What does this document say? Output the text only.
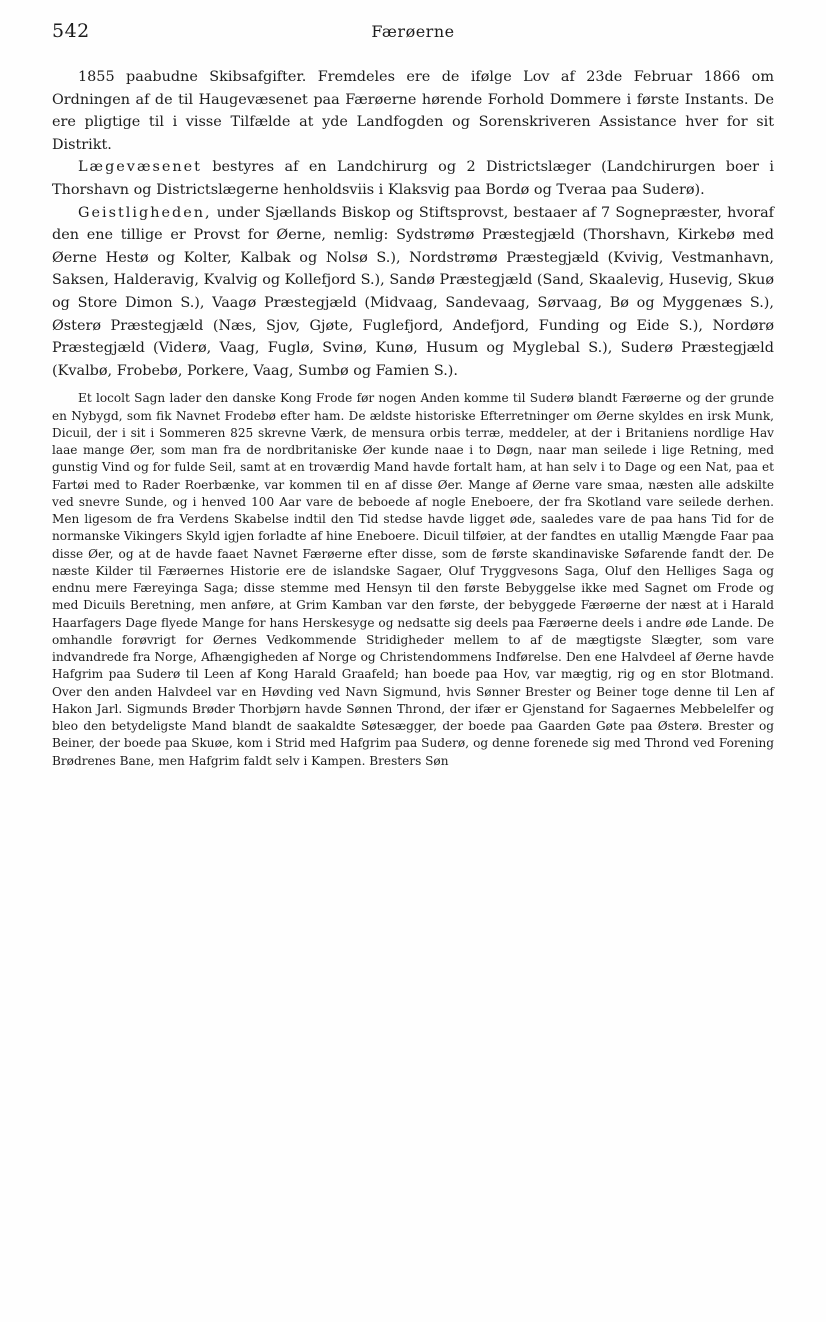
542	Færøerne

1855 paabudne Skibsafgifter. Fremdeles ere de ifølge Lov af 23de Februar 1866 om Ordningen af de til Haugevæsenet paa Færøerne hørende Forhold Dommere i første Instants. De ere pligtige til i visse Tilfælde at yde Landfogden og Sorenskriveren Assistance hver for sit Distrikt.

Lægevæsenet bestyres af en Landchirurg og 2 Districtslæger (Landchirurgen boer i Thorshavn og Districtslægerne henholdsviis i Klaksvig paa Bordø og Tveraa paa Suderø).

Geistligheden, under Sjællands Biskop og Stiftsprovst, bestaaer af 7 Sognepræster, hvoraf den ene tillige er Provst for Øerne, nemlig: Sydstrømø Præstegjæld (Thorshavn, Kirkebø med Øerne Hestø og Kolter, Kalbak og Nolsø S.), Nordstrømø Præstegjæld (Kvivig, Vestmanhavn, Saksen, Halderavig, Kvalvig og Kollefjord S.), Sandø Præstegjæld (Sand, Skaalevig, Husevig, Skuø og Store Dimon S.), Vaagø Præstegjæld (Midvaag, Sandevaag, Sørvaag, Bø og Myggenæs S.), Østerø Præstegjæld (Næs, Sjov, Gjøte, Fuglefjord, Andefjord, Funding og Eide S.), Nordørø Præstegjæld (Viderø, Vaag, Fuglø, Svinø, Kunø, Husum og Myglebal S.), Suderø Præstegjæld (Kvalbø, Frobebø, Porkere, Vaag, Sumbø og Famien S.).

Et locolt Sagn lader den danske Kong Frode før nogen Anden komme til Suderø blandt Færøerne og der grunde en Nybygd, som fik Navnet Frodebø efter ham. De ældste historiske Efterretninger om Øerne skyldes en irsk Munk, Dicuil, der i sit i Sommeren 825 skrevne Værk, de mensura orbis terræ, meddeler, at der i Britaniens nordlige Hav laae mange Øer, som man fra de nordbritaniske Øer kunde naae i to Døgn, naar man seilede i lige Retning, med gunstig Vind og for fulde Seil, samt at en troværdig Mand havde fortalt ham, at han selv i to Dage og een Nat, paa et Fartøi med to Rader Roerbænke, var kommen til en af disse Øer. Mange af Øerne vare smaa, næsten alle adskilte ved snevre Sunde, og i henved 100 Aar vare de beboede af nogle Eneboere, der fra Skotland vare seilede derhen. Men ligesom de fra Verdens Skabelse indtil den Tid stedse havde ligget øde, saaledes vare de paa hans Tid for de normanske Vikingers Skyld igjen forladte af hine Eneboere. Dicuil tilføier, at der fandtes en utallig Mængde Faar paa disse Øer, og at de havde faaet Navnet Færøerne efter disse, som de første skandinaviske Søfarende fandt der. De næste Kilder til Færøernes Historie ere de islandske Sagaer, Oluf Tryggvesons Saga, Oluf den Helliges Saga og endnu mere Færeyinga Saga; disse stemme med Hensyn til den første Bebyggelse ikke med Sagnet om Frode og med Dicuils Beretning, men anføre, at Grim Kamban var den første, der bebyggede Færøerne der næst at i Harald Haarfagers Dage flyede Mange for hans Herskesyge og nedsatte sig deels paa Færøerne deels i andre øde Lande. De omhandle forøvrigt for Øernes Vedkommende Stridigheder mellem to af de mægtigste Slægter, som vare indvandrede fra Norge, Afhængigheden af Norge og Christendommens Indførelse. Den ene Halvdeel af Øerne havde Hafgrim paa Suderø til Leen af Kong Harald Graafeld; han boede paa Hov, var mægtig, rig og en stor Blotmand. Over den anden Halvdeel var en Høvding ved Navn Sigmund, hvis Sønner Brester og Beiner toge denne til Len af Hakon Jarl. Sigmunds Brøder Thorbjørn havde Sønnen Thrond, der ifær er Gjenstand for Sagaernes Mebbelelfer og bleo den betydeligste Mand blandt de saakaldte Søtesægger, der boede paa Gaarden Gøte paa Østerø. Brester og Beiner, der boede paa Skuøe, kom i Strid med Hafgrim paa Suderø, og denne forenede sig med Thrond ved Forening Brødrenes Bane, men Hafgrim faldt selv i Kampen. Bresters Søn
